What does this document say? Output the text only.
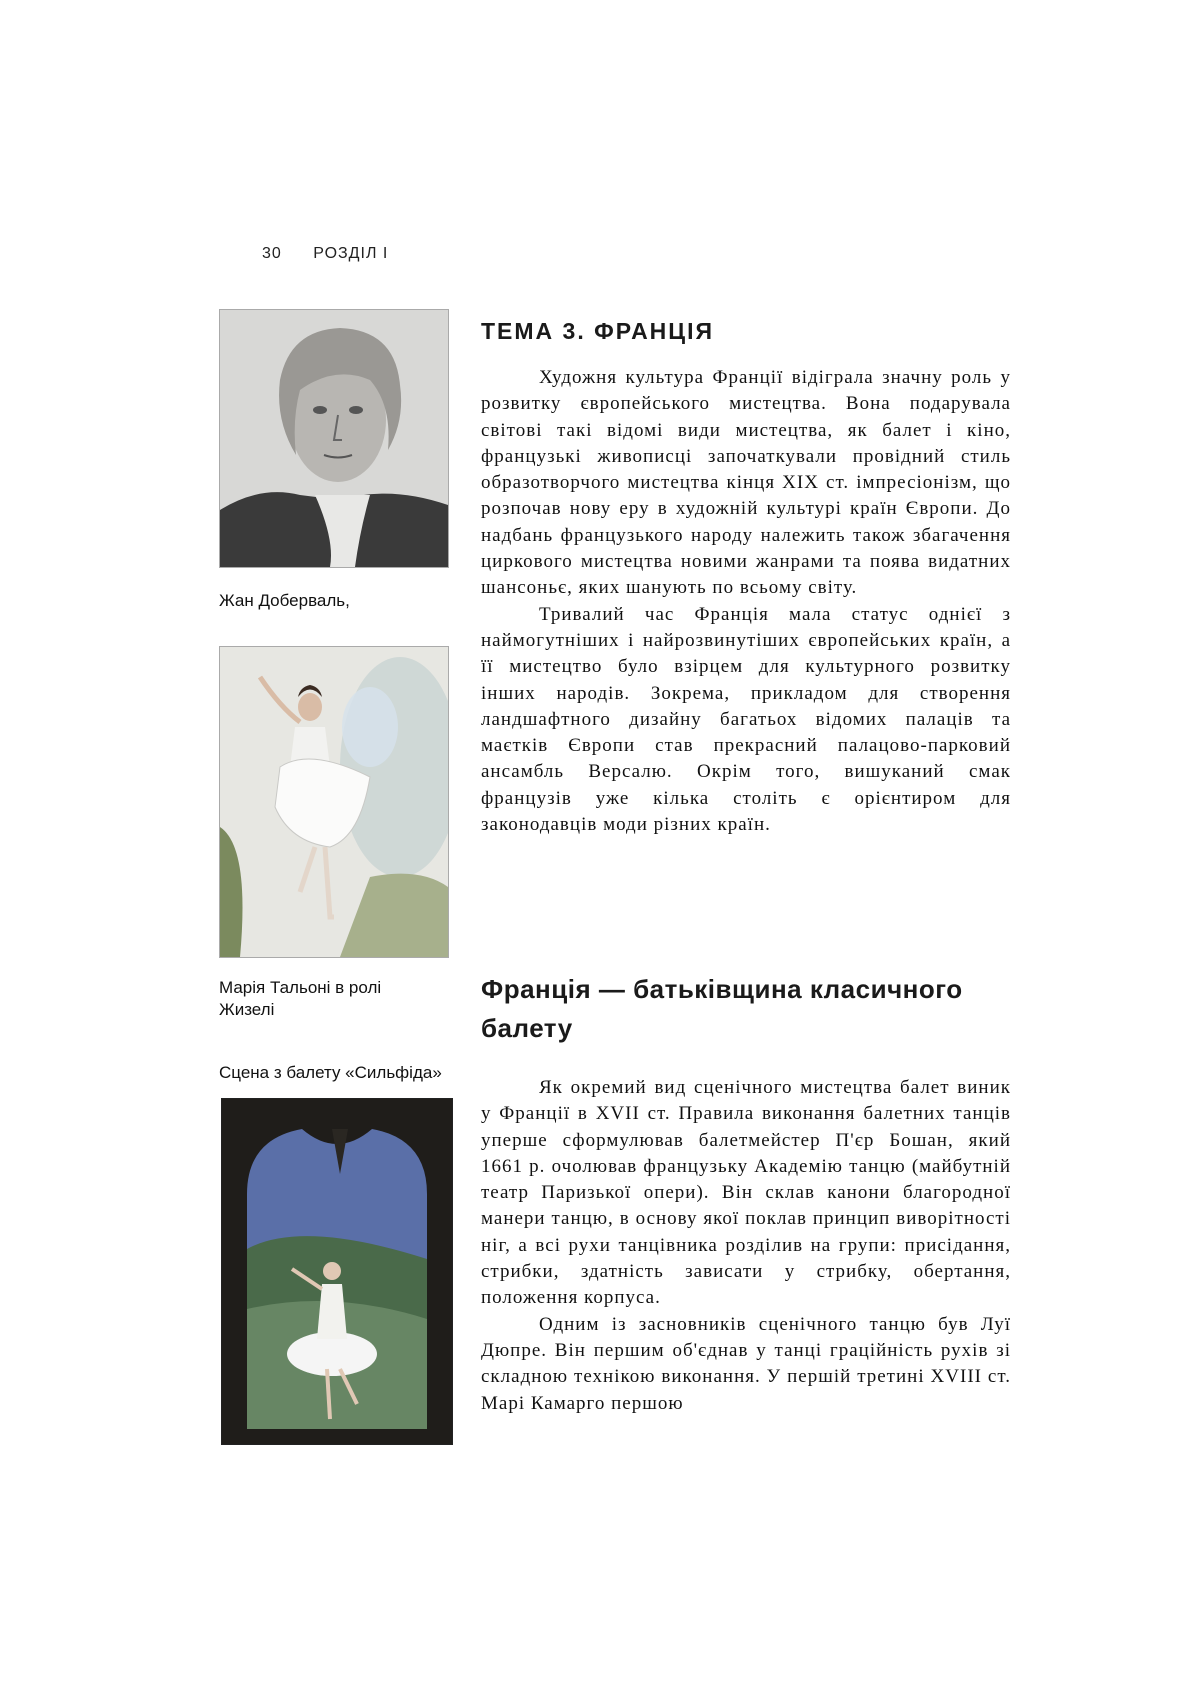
30 РОЗДІЛ І
Жан Доберваль,
Марія Тальоні в ролі Жизелі
Сцена з балету «Сильфіда»
ТЕМА 3. ФРАНЦІЯ

Художня культура Франції відіграла значну роль у розвитку європейського мистецтва. Вона подарувала світові такі відомі види мистецтва, як балет і кіно, французькі живописці започаткували провідний стиль образотворчого мистецтва кінця XIX ст. імпресіонізм, що розпочав нову еру в художній культурі країн Європи. До надбань французького народу належить також збагачення циркового мистецтва новими жанрами та поява видатних шансоньє, яких шанують по всьому світу.

Тривалий час Франція мала статус однієї з наймогутніших і найрозвинутіших європейських країн, а її мистецтво було взірцем для культурного розвитку інших народів. Зокрема, прикладом для створення ландшафтного дизайну багатьох відомих палаців та маєтків Європи став прекрасний палацово-парковий ансамбль Версалю. Окрім того, вишуканий смак французів уже кілька століть є орієнтиром для законодавців моди різних країн.

Франція — батьківщина класичного балету

Як окремий вид сценічного мистецтва балет виник у Франції в XVII ст. Правила виконання балетних танців уперше сформулював балетмейстер П'єр Бошан, який 1661 р. очолював французьку Академію танцю (майбутній театр Паризької опери). Він склав канони благородної манери танцю, в основу якої поклав принцип виворітності ніг, а всі рухи танцівника розділив на групи: присідання, стрибки, здатність зависати у стрибку, обертання, положення корпуса.

Одним із засновників сценічного танцю був Луї Дюпре. Він першим об'єднав у танці граційність рухів зі складною технікою виконання. У першій третині XVIII ст. Марі Камарго першою
